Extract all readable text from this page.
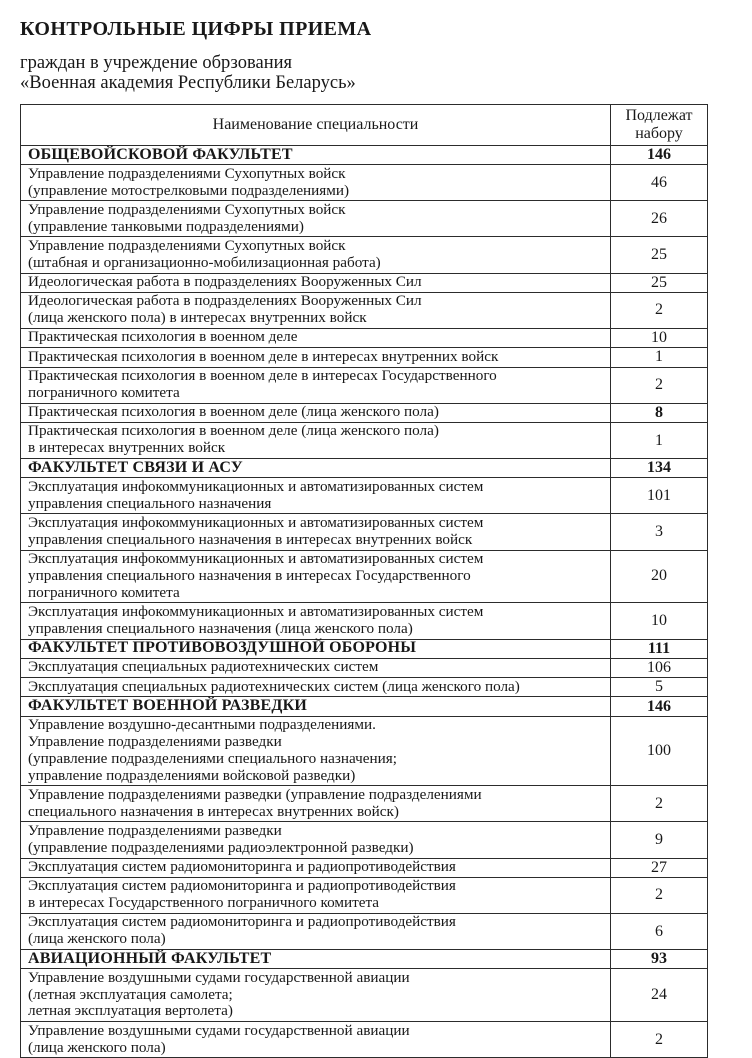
КОНТРОЛЬНЫЕ ЦИФРЫ ПРИЕМА

граждан в учреждение обрзования
«Военная академия Республики Беларусь»

Наименование специальности	Подлежат
набору

ОБЩЕВОЙСКОВОЙ ФАКУЛЬТЕТ	146

Управление подразделениями Сухопутных войск
(управление мотострелковыми подразделениями)	46

Управление подразделениями Сухопутных войск
(управление танковыми подразделениями)	26

Управление подразделениями Сухопутных войск
(штабная и организационно-мобилизационная работа)	25

Идеологическая работа в подразделениях Вооруженных Сил	25

Идеологическая работа в подразделениях Вооруженных Сил
(лица женского пола) в интересах внутренних войск	2

Практическая психология в военном деле	10

Практическая психология в военном деле в интересах внутренних войск	1

Практическая психология в военном деле в интересах Государственного
пограничного комитета	2

Практическая психология в военном деле (лица женского пола)	8

Практическая психология в военном деле (лица женского пола)
в интересах внутренних войск	1

ФАКУЛЬТЕТ СВЯЗИ И АСУ	134

Эксплуатация инфокоммуникационных и автоматизированных систем
управления специального назначения	101

Эксплуатация инфокоммуникационных и автоматизированных систем
управления специального назначения в интересах внутренних войск	3

Эксплуатация инфокоммуникационных и автоматизированных систем
управления специального назначения в интересах Государственного
пограничного комитета	20

Эксплуатация инфокоммуникационных и автоматизированных систем
управления специального назначения (лица женского пола)	10

ФАКУЛЬТЕТ ПРОТИВОВОЗДУШНОЙ ОБОРОНЫ	111

Эксплуатация специальных радиотехнических систем	106

Эксплуатация специальных радиотехнических систем (лица женского пола)	5

ФАКУЛЬТЕТ ВОЕННОЙ РАЗВЕДКИ	146

Управление воздушно-десантными подразделениями.
Управление подразделениями разведки
(управление подразделениями специального назначения;
управление подразделениями войсковой разведки)	100

Управление подразделениями разведки (управление подразделениями
специального назначения в интересах внутренних войск)	2

Управление подразделениями разведки
(управление подразделениями радиоэлектронной разведки)	9

Эксплуатация систем радиомониторинга и радиопротиводействия	27

Эксплуатация систем радиомониторинга и радиопротиводействия
в интересах Государственного пограничного комитета	2

Эксплуатация систем радиомониторинга и радиопротиводействия
(лица женского пола)	6

АВИАЦИОННЫЙ ФАКУЛЬТЕТ	93

Управление воздушными судами государственной авиации
(летная эксплуатация самолета;
летная эксплуатация вертолета)	24

Управление воздушными судами государственной авиации
(лица женского пола)	2
